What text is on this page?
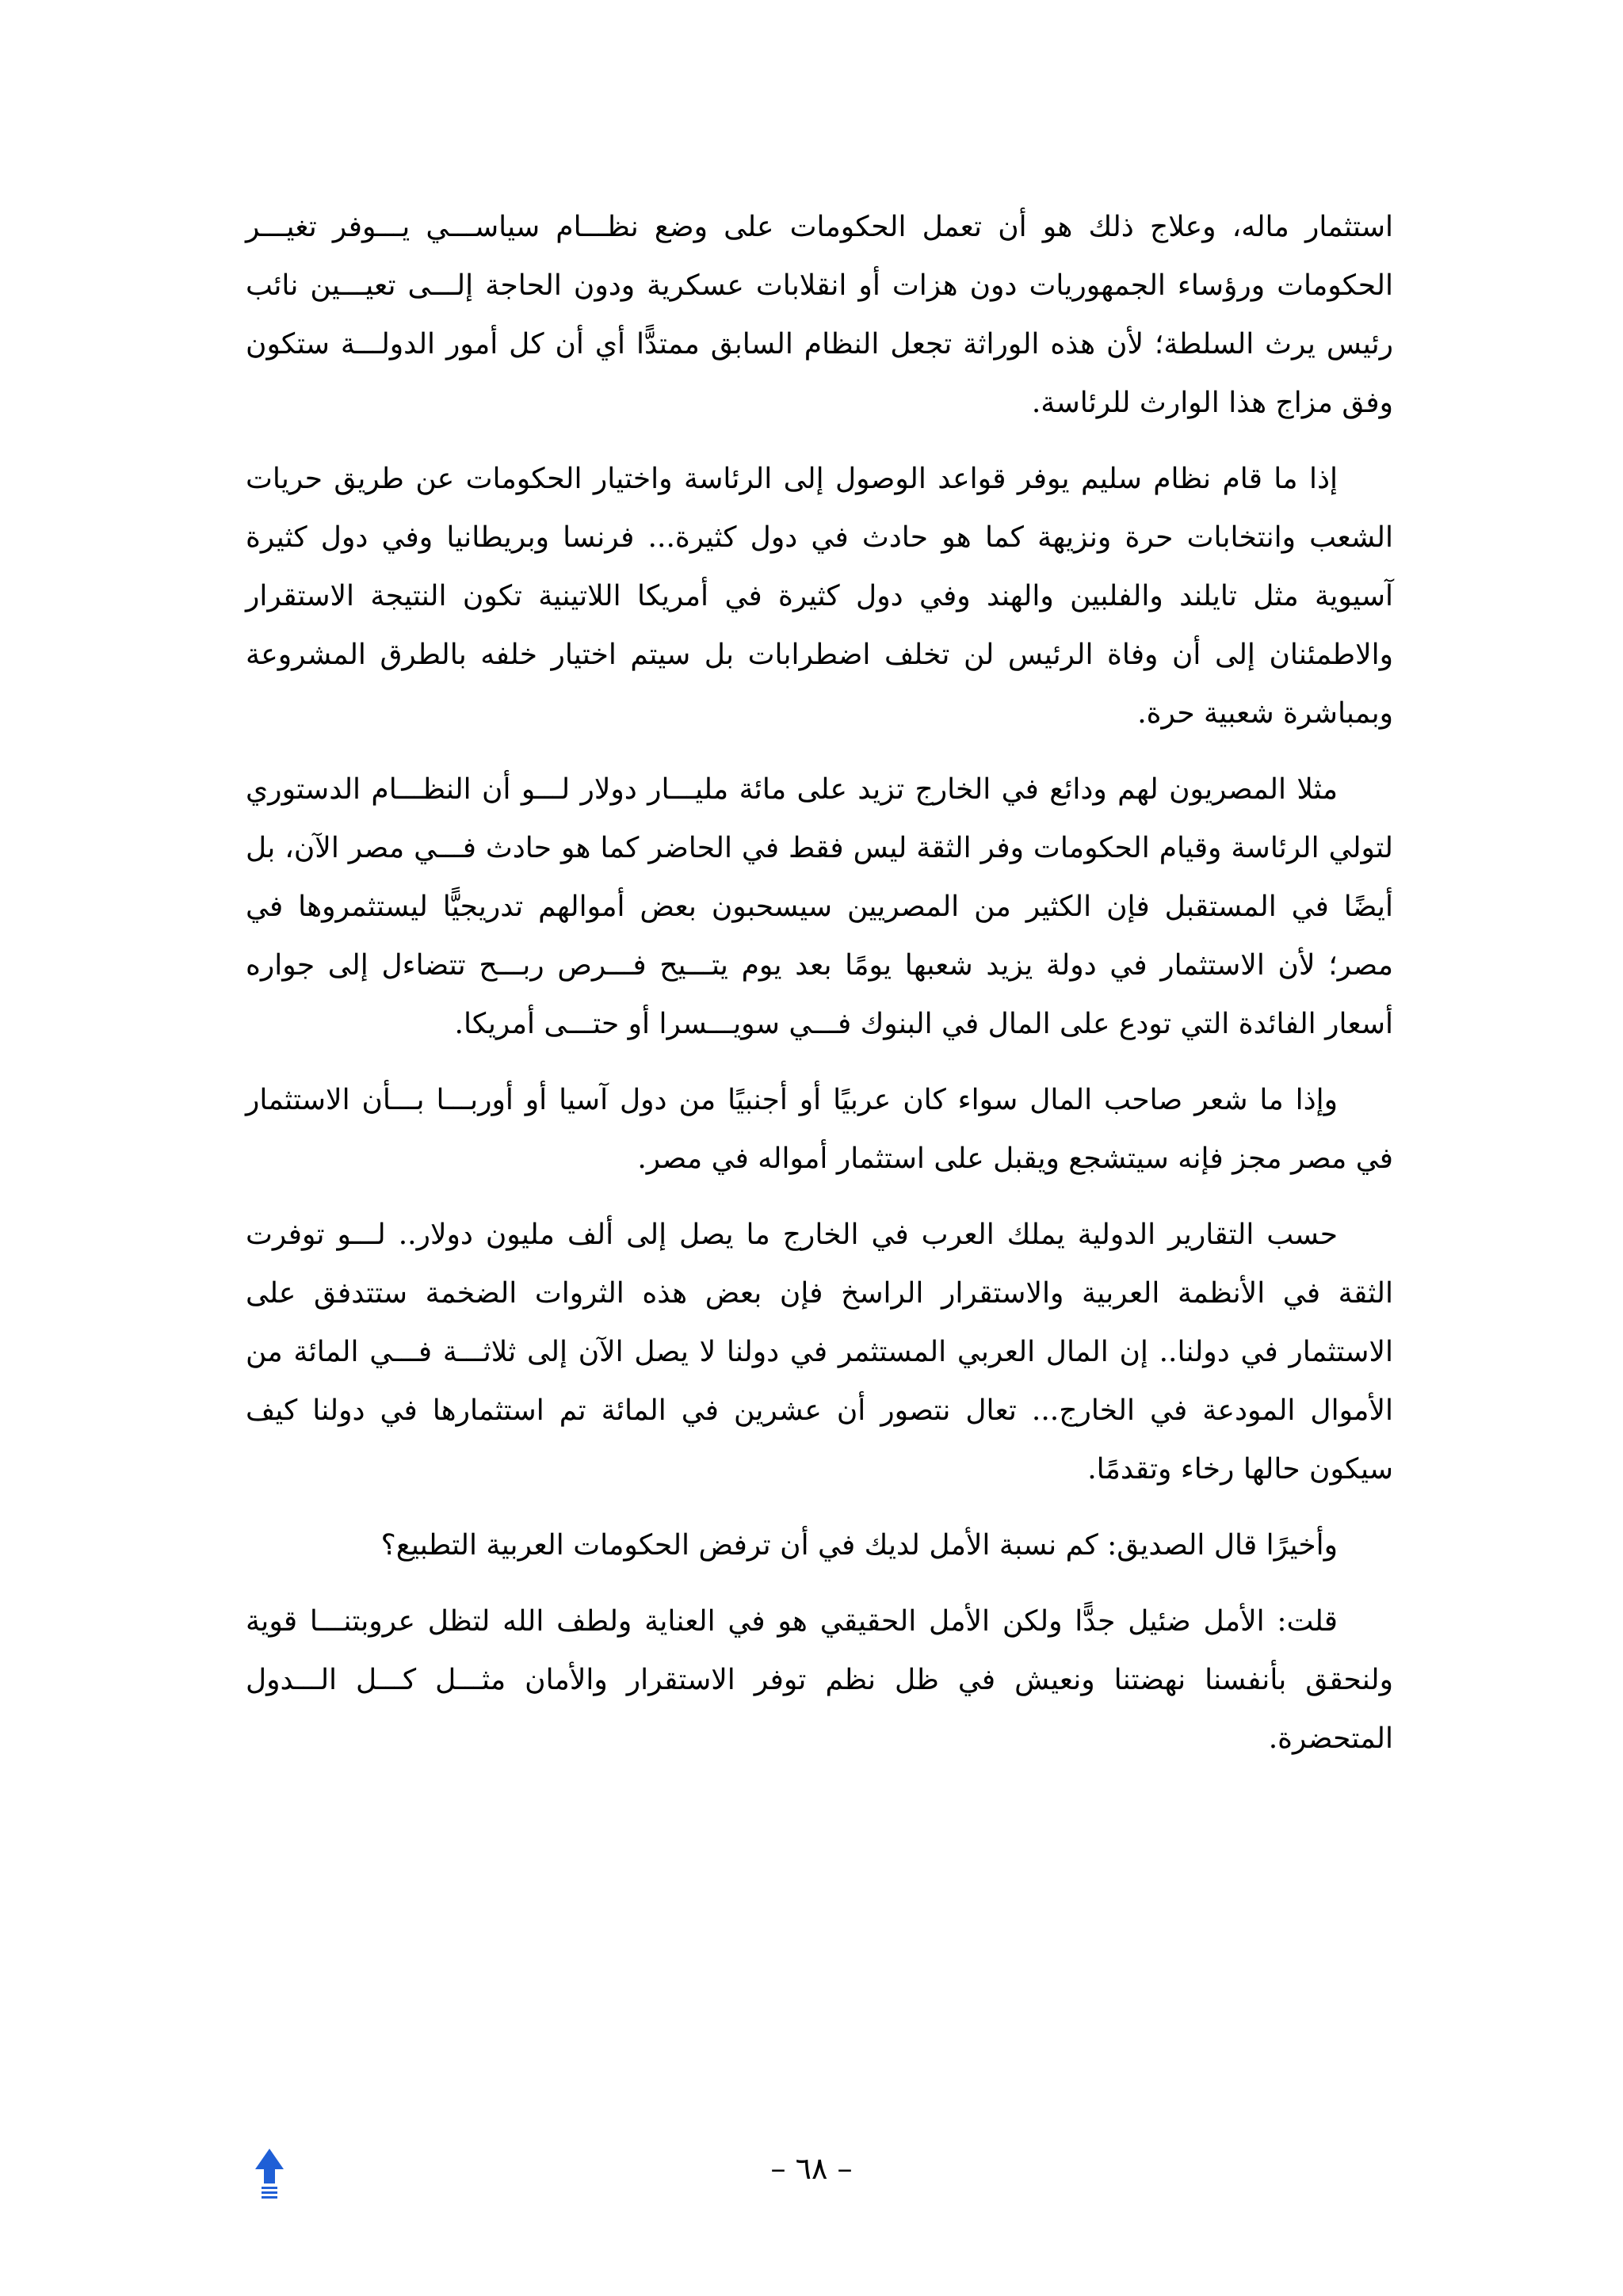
استثمار ماله، وعلاج ذلك هو أن تعمل الحكومات على وضع نظـــام سياســـي يـــوفر تغيـــر الحكومات ورؤساء الجمهوريات دون هزات أو انقلابات عسكرية ودون الحاجة إلـــى تعيـــين نائب رئيس يرث السلطة؛ لأن هذه الوراثة تجعل النظام السابق ممتدًّا أي أن كل أمور الدولـــة ستكون وفق مزاج هذا الوارث للرئاسة.

إذا ما قام نظام سليم يوفر قواعد الوصول إلى الرئاسة واختيار الحكومات عن طريق حريات الشعب وانتخابات حرة ونزيهة كما هو حادث في دول كثيرة... فرنسا وبريطانيا وفي دول كثيرة آسيوية مثل تايلند والفلبين والهند وفي دول كثيرة في أمريكا اللاتينية تكون النتيجة الاستقرار والاطمئنان إلى أن وفاة الرئيس لن تخلف اضطرابات بل سيتم اختيار خلفه بالطرق المشروعة وبمباشرة شعبية حرة.

مثلا المصريون لهم ودائع في الخارج تزيد على مائة مليـــار دولار لـــو أن النظـــام الدستوري لتولي الرئاسة وقيام الحكومات وفر الثقة ليس فقط في الحاضر كما هو حادث فـــي مصر الآن، بل أيضًا في المستقبل فإن الكثير من المصريين سيسحبون بعض أموالهم تدريجيًّا ليستثمروها في مصر؛ لأن الاستثمار في دولة يزيد شعبها يومًا بعد يوم يتـــيح فـــرص ربـــح تتضاءل إلى جواره أسعار الفائدة التي تودع على المال في البنوك فـــي سويـــسرا أو حتـــى أمريكا.

وإذا ما شعر صاحب المال سواء كان عربيًا أو أجنبيًا من دول آسيا أو أوربـــا بـــأن الاستثمار في مصر مجز فإنه سيتشجع ويقبل على استثمار أمواله في مصر.

حسب التقارير الدولية يملك العرب في الخارج ما يصل إلى ألف مليون دولار.. لـــو توفرت الثقة في الأنظمة العربية والاستقرار الراسخ فإن بعض هذه الثروات الضخمة ستتدفق على الاستثمار في دولنا.. إن المال العربي المستثمر في دولنا لا يصل الآن إلى ثلاثـــة فـــي المائة من الأموال المودعة في الخارج... تعال نتصور أن عشرين في المائة تم استثمارها في دولنا كيف سيكون حالها رخاء وتقدمًا.

وأخيرًا قال الصديق: كم نسبة الأمل لديك في أن ترفض الحكومات العربية التطبيع؟

قلت: الأمل ضئيل جدًّا ولكن الأمل الحقيقي هو في العناية ولطف الله لتظل عروبتنـــا قوية ولنحقق بأنفسنا نهضتنا ونعيش في ظل نظم توفر الاستقرار والأمان مثـــل كـــل الـــدول المتحضرة.

– ٦٨ –
